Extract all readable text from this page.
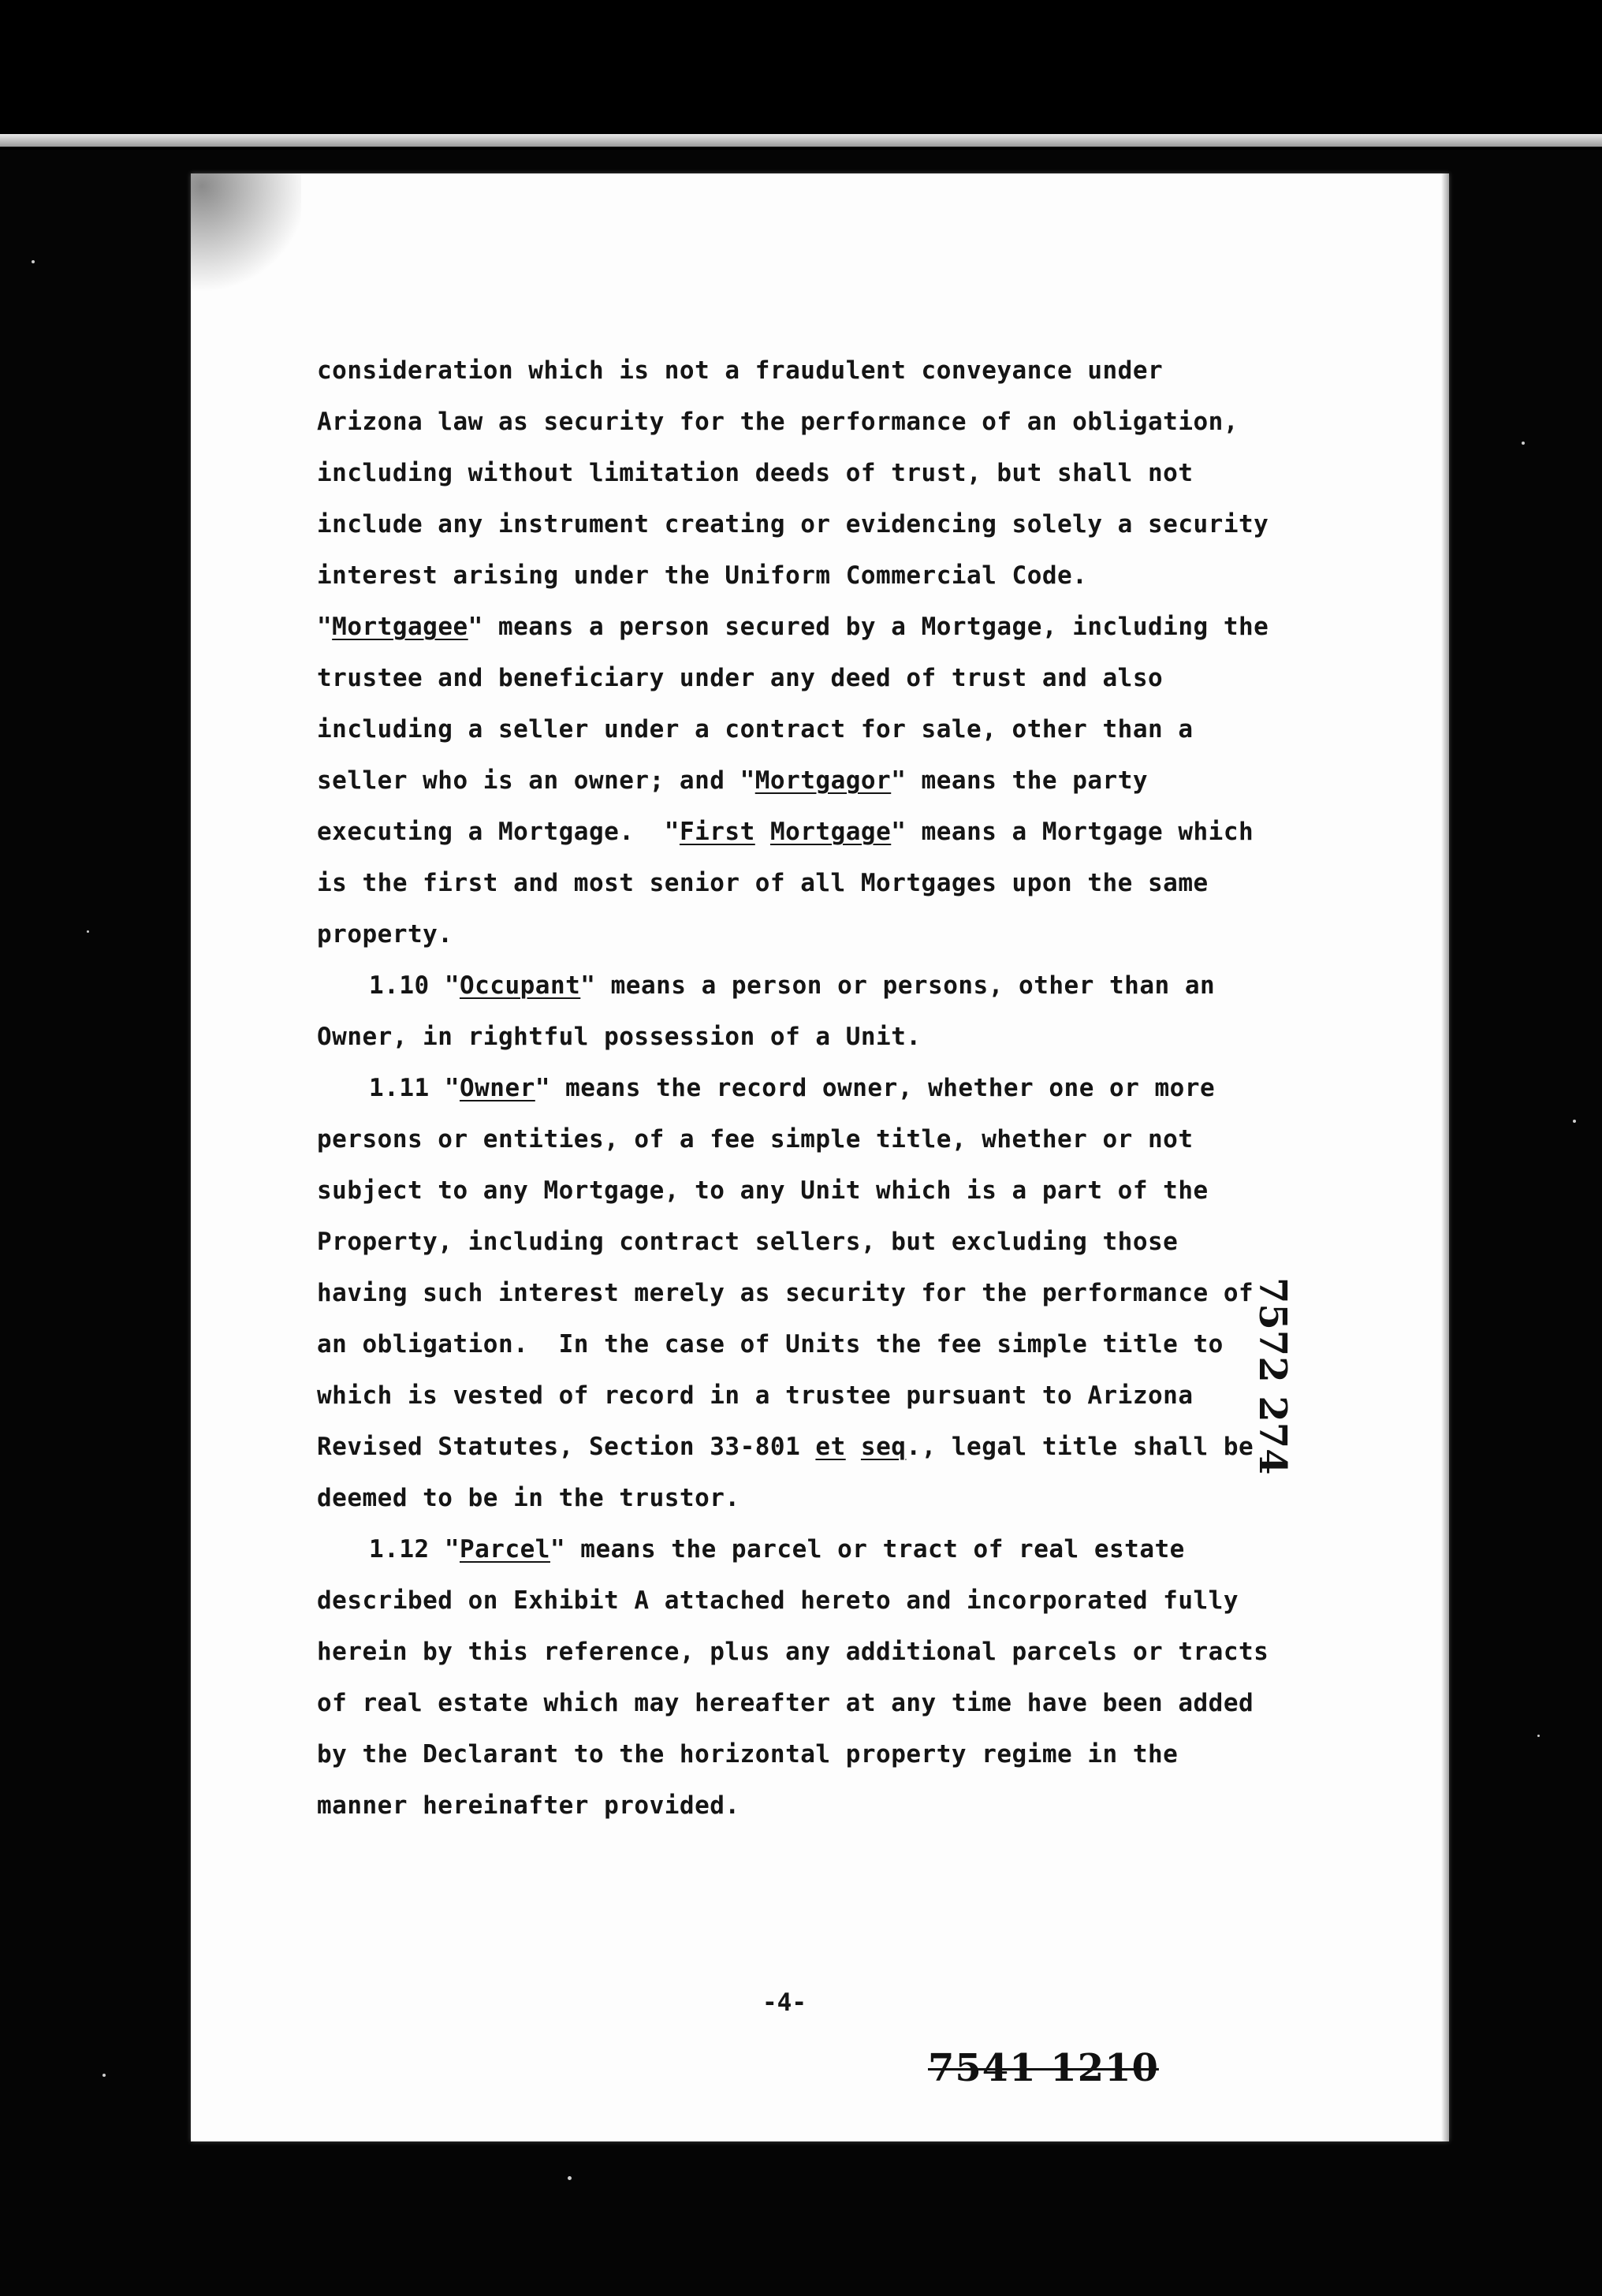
consideration which is not a fraudulent conveyance under
Arizona law as security for the performance of an obligation,
including without limitation deeds of trust, but shall not
include any instrument creating or evidencing solely a security
interest arising under the Uniform Commercial Code.
"Mortgagee" means a person secured by a Mortgage, including the
trustee and beneficiary under any deed of trust and also
including a seller under a contract for sale, other than a
seller who is an owner; and "Mortgagor" means the party
executing a Mortgage.  "First Mortgage" means a Mortgage which
is the first and most senior of all Mortgages upon the same
property.
1.10 "Occupant" means a person or persons, other than an
Owner, in rightful possession of a Unit.
1.11 "Owner" means the record owner, whether one or more
persons or entities, of a fee simple title, whether or not
subject to any Mortgage, to any Unit which is a part of the
Property, including contract sellers, but excluding those
having such interest merely as security for the performance of
an obligation.  In the case of Units the fee simple title to
which is vested of record in a trustee pursuant to Arizona
Revised Statutes, Section 33-801 et seq., legal title shall be
deemed to be in the trustor.
1.12 "Parcel" means the parcel or tract of real estate
described on Exhibit A attached hereto and incorporated fully
herein by this reference, plus any additional parcels or tracts
of real estate which may hereafter at any time have been added
by the Declarant to the horizontal property regime in the
manner hereinafter provided.
-4-
7541 1210
7572 274
